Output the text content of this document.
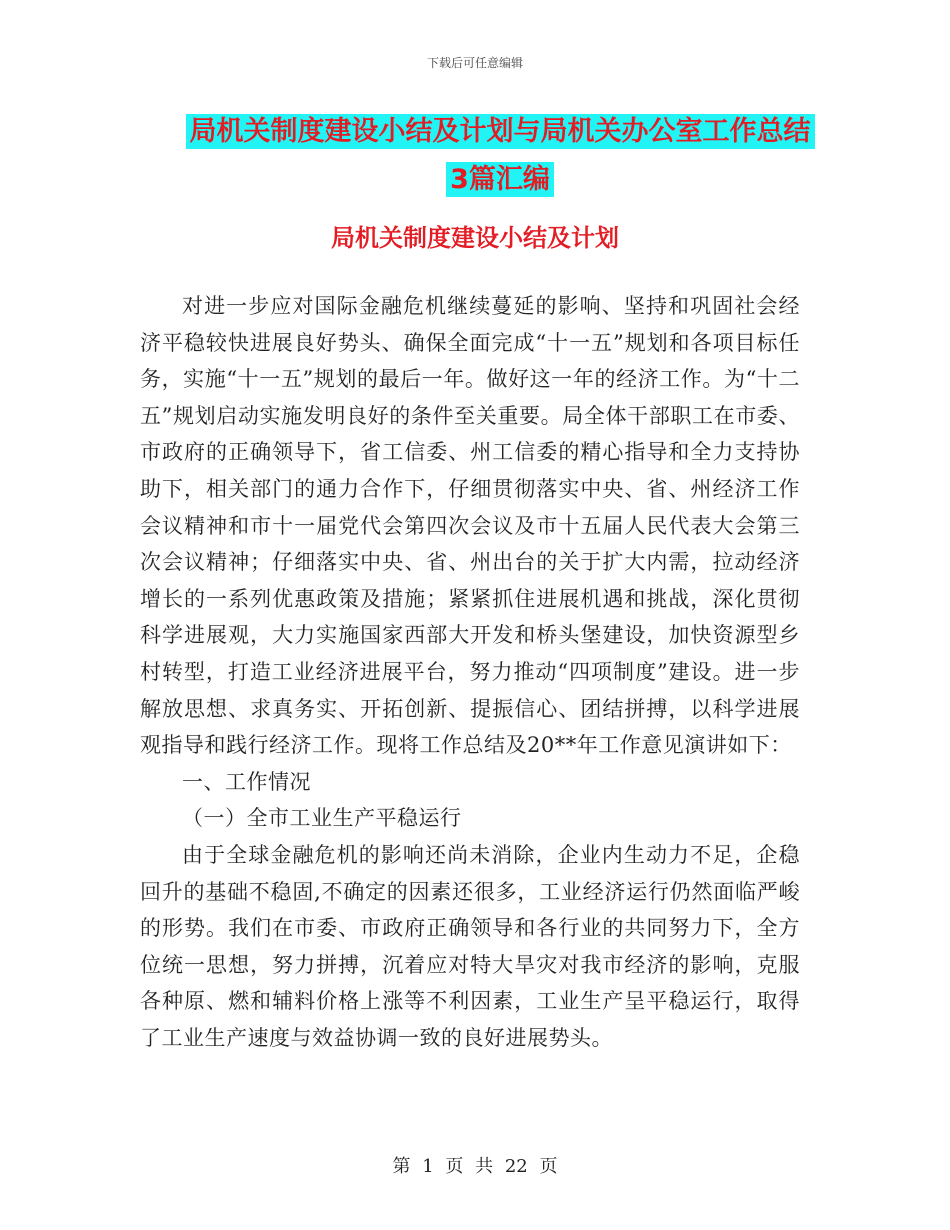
下载后可任意编辑
局机关制度建设小结及计划与局机关办公室工作总结
3篇汇编
局机关制度建设小结及计划

对进一步应对国际金融危机继续蔓延的影响、坚持和巩固社会经济平稳较快进展良好势头、确保全面完成“十一五”规划和各项目标任务，实施“十一五”规划的最后一年。做好这一年的经济工作。为“十二五”规划启动实施发明良好的条件至关重要。局全体干部职工在市委、市政府的正确领导下，省工信委、州工信委的精心指导和全力支持协助下，相关部门的通力合作下，仔细贯彻落实中央、省、州经济工作会议精神和市十一届党代会第四次会议及市十五届人民代表大会第三次会议精神；仔细落实中央、省、州出台的关于扩大内需，拉动经济增长的一系列优惠政策及措施；紧紧抓住进展机遇和挑战，深化贯彻科学进展观，大力实施国家西部大开发和桥头堡建设，加快资源型乡村转型，打造工业经济进展平台，努力推动“四项制度”建设。进一步解放思想、求真务实、开拓创新、提振信心、团结拼搏，以科学进展观指导和践行经济工作。现将工作总结及20**年工作意见演讲如下：

一、工作情况

（一）全市工业生产平稳运行

由于全球金融危机的影响还尚未消除，企业内生动力不足，企稳回升的基础不稳固,不确定的因素还很多，工业经济运行仍然面临严峻的形势。我们在市委、市政府正确领导和各行业的共同努力下，全方位统一思想，努力拼搏，沉着应对特大旱灾对我市经济的影响，克服各种原、燃和辅料价格上涨等不利因素，工业生产呈平稳运行，取得了工业生产速度与效益协调一致的良好进展势头。

第 1 页 共 22 页
